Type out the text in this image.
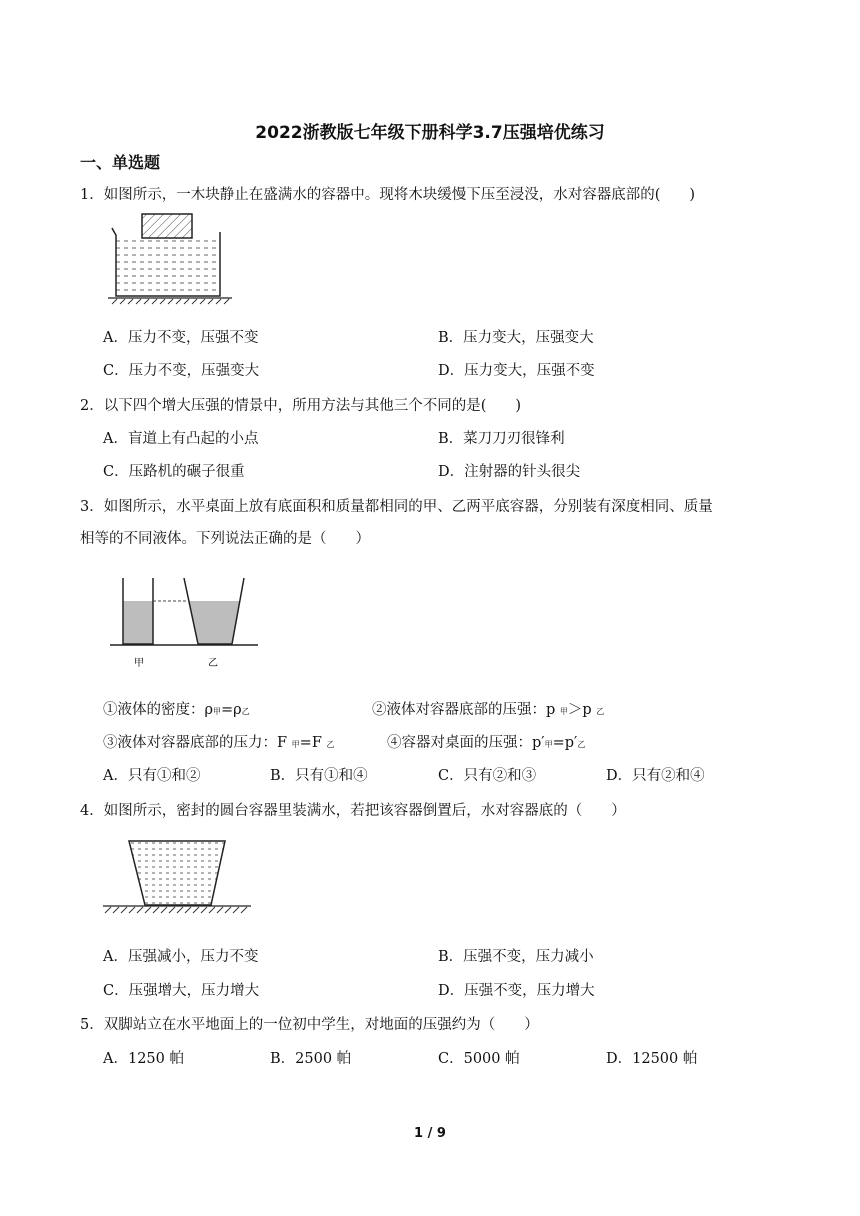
2022浙教版七年级下册科学3.7压强培优练习
一、单选题
1．如图所示，一木块静止在盛满水的容器中。现将木块缓慢下压至浸没，水对容器底部的(　　)
A．压力不变，压强不变	B．压力变大，压强变大
C．压力不变，压强变大	D．压力变大，压强不变
2．以下四个增大压强的情景中，所用方法与其他三个不同的是(　　)
A．盲道上有凸起的小点	B．菜刀刀刃很锋利
C．压路机的碾子很重	D．注射器的针头很尖
3．如图所示，水平桌面上放有底面积和质量都相同的甲、乙两平底容器，分别装有深度相同、质量
相等的不同液体。下列说法正确的是（　　）
甲	乙
①液体的密度：ρ甲=ρ乙	②液体对容器底部的压强：p 甲＞p 乙
③液体对容器底部的压力：F 甲=F 乙	④容器对桌面的压强：p′甲=p′乙
A．只有①和②	B．只有①和④	C．只有②和③	D．只有②和④
4．如图所示，密封的圆台容器里装满水，若把该容器倒置后，水对容器底的（　　）
A．压强减小，压力不变	B．压强不变，压力减小
C．压强增大，压力增大	D．压强不变，压力增大
5．双脚站立在水平地面上的一位初中学生，对地面的压强约为（　　）
A．1250 帕	B．2500 帕	C．5000 帕	D．12500 帕
1 / 9
